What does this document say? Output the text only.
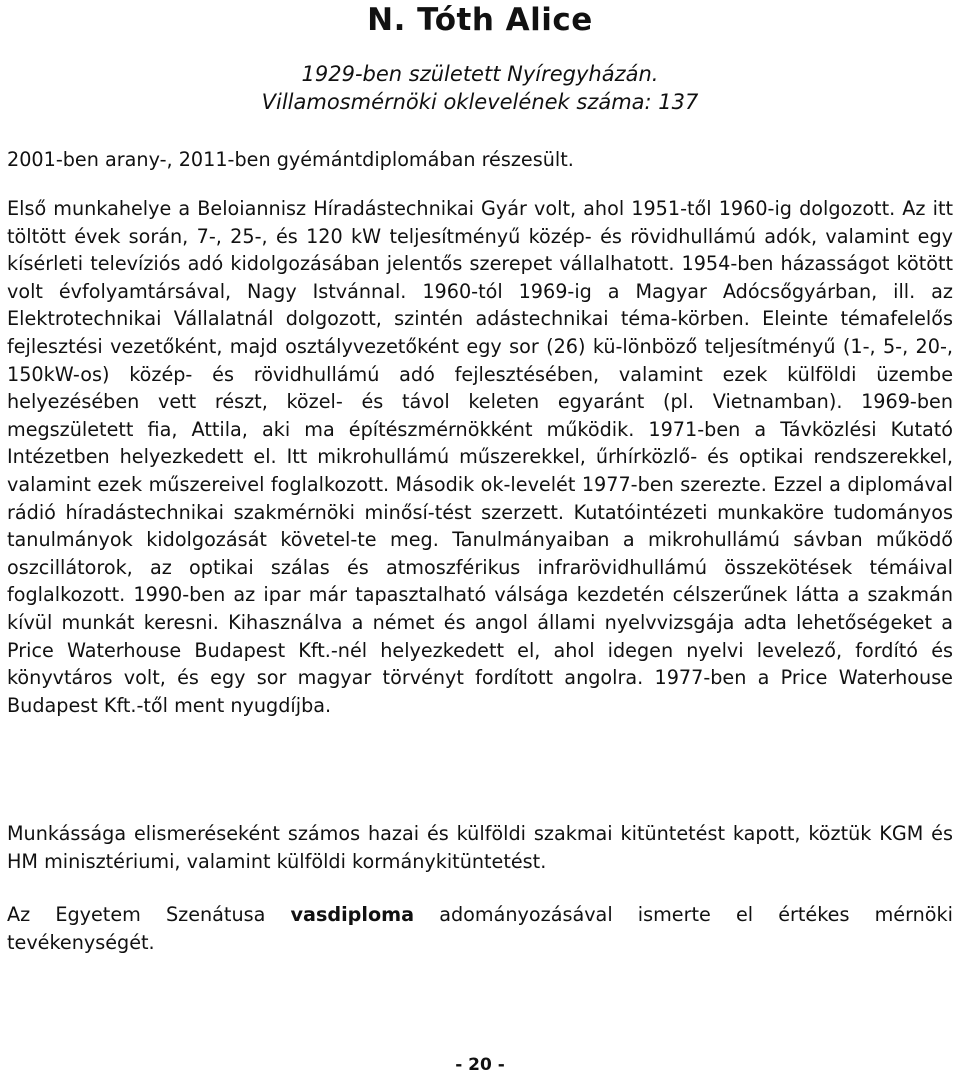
N. Tóth Alice

1929-ben született Nyíregyházán.

Villamosmérnöki oklevelének száma: 137

2001-ben arany-, 2011-ben gyémántdiplomában részesült.

Első munkahelye a Beloiannisz Híradástechnikai Gyár volt, ahol 1951-től 1960-ig dolgozott. Az itt töltött évek során, 7-, 25-, és 120 kW teljesítményű közép- és rövidhullámú adók, valamint egy kísérleti televíziós adó kidolgozásában jelentős szerepet vállalhatott. 1954-ben házasságot kötött volt évfolyamtársával, Nagy Istvánnal. 1960-tól 1969-ig a Magyar Adócsőgyárban, ill. az Elektrotechnikai Vállalatnál dolgozott, szintén adástechnikai téma-körben. Eleinte témafelelős fejlesztési vezetőként, majd osztályvezetőként egy sor (26) kü-lönböző teljesítményű (1-, 5-, 20-, 150kW-os) közép- és rövidhullámú adó fejlesztésében, valamint ezek külföldi üzembe helyezésében vett részt, közel- és távol keleten egyaránt (pl. Vietnamban). 1969-ben megszületett fia, Attila, aki ma építészmérnökként működik. 1971-ben a Távközlési Kutató Intézetben helyezkedett el. Itt mikrohullámú műszerekkel, űrhírközlő- és optikai rendszerekkel, valamint ezek műszereivel foglalkozott. Második ok-levelét 1977-ben szerezte. Ezzel a diplomával rádió híradástechnikai szakmérnöki minősí-tést szerzett. Kutatóintézeti munkaköre tudományos tanulmányok kidolgozását követel-te meg. Tanulmányaiban a mikrohullámú sávban működő oszcillátorok, az optikai szálas és atmoszférikus infrarövidhullámú összekötések témáival foglalkozott. 1990-ben az ipar már tapasztalható válsága kezdetén célszerűnek látta a szakmán kívül munkát keresni. Kihasználva a német és angol állami nyelvvizsgája adta lehetőségeket a Price Waterhouse Budapest Kft.-nél helyezkedett el, ahol idegen nyelvi levelező, fordító és könyvtáros volt, és egy sor magyar törvényt fordított angolra. 1977-ben a Price Waterhouse Budapest Kft.-től ment nyugdíjba.

Munkássága elismeréseként számos hazai és külföldi szakmai kitüntetést kapott, köztük KGM és HM minisztériumi, valamint külföldi kormánykitüntetést.

Az Egyetem Szenátusa vasdiploma adományozásával ismerte el értékes mérnöki tevékenységét.

- 20 -
